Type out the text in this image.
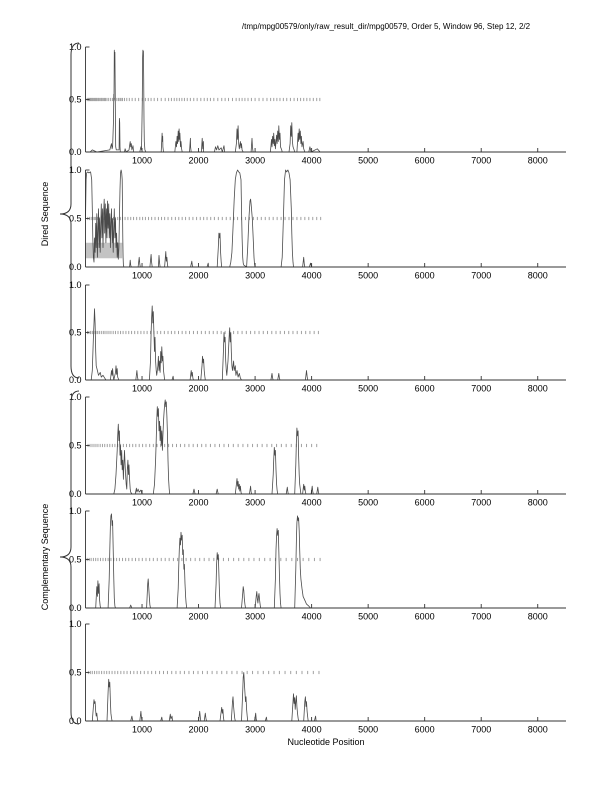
/tmp/mpg00579/only/raw_result_dir/mpg00579, Order 5, Window 96, Step 12, 2/2
Dired Sequence
Complementary Sequence
Nucleotide Position
1000	2000	3000	4000	5000	6000	7000	8000
0.0
0.5
1.0
1000	2000	3000	4000	5000	6000	7000	8000
0.0
0.5
1.0
1000	2000	3000	4000	5000	6000	7000	8000
0.0
0.5
1.0
1000	2000	3000	4000	5000	6000	7000	8000
0.0
0.5
1.0
1000	2000	3000	4000	5000	6000	7000	8000
0.0
0.5
1.0
1000	2000	3000	4000	5000	6000	7000	8000
0.0
0.5
1.0
